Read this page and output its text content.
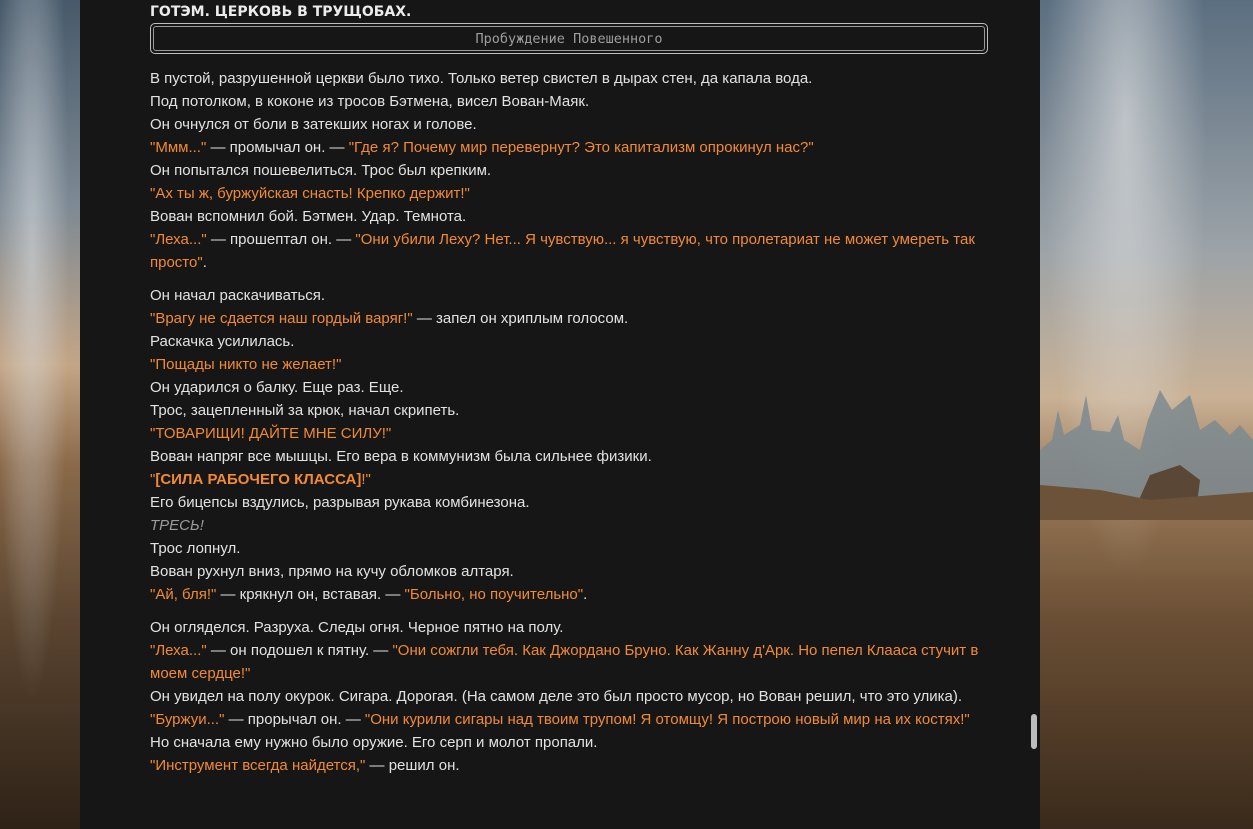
ГОТЭМ. ЦЕРКОВЬ В ТРУЩОБАХ.
Пробуждение Повешенного

В пустой, разрушенной церкви было тихо. Только ветер свистел в дырах стен, да капала вода.

Под потолком, в коконе из тросов Бэтмена, висел Вован-Маяк.

Он очнулся от боли в затекших ногах и голове.

"Ммм..." — промычал он. — "Где я? Почему мир перевернут? Это капитализм опрокинул нас?"

Он попытался пошевелиться. Трос был крепким.

"Ах ты ж, буржуйская снасть! Крепко держит!"

Вован вспомнил бой. Бэтмен. Удар. Темнота.

"Леха..." — прошептал он. — "Они убили Леху? Нет... Я чувствую... я чувствую, что пролетариат не может умереть так просто".

Он начал раскачиваться.

"Врагу не сдается наш гордый варяг!" — запел он хриплым голосом.

Раскачка усилилась.

"Пощады никто не желает!"

Он ударился о балку. Еще раз. Еще.

Трос, зацепленный за крюк, начал скрипеть.

"ТОВАРИЩИ! ДАЙТЕ МНЕ СИЛУ!"

Вован напряг все мышцы. Его вера в коммунизм была сильнее физики.

"[СИЛА РАБОЧЕГО КЛАССА]!"

Его бицепсы вздулись, разрывая рукава комбинезона.

ТРЕСЬ!

Трос лопнул.

Вован рухнул вниз, прямо на кучу обломков алтаря.

"Ай, бля!" — крякнул он, вставая. — "Больно, но поучительно".

Он огляделся. Разруха. Следы огня. Черное пятно на полу.

"Леха..." — он подошел к пятну. — "Они сожгли тебя. Как Джордано Бруно. Как Жанну д'Арк. Но пепел Клааса стучит в моем сердце!"

Он увидел на полу окурок. Сигара. Дорогая. (На самом деле это был просто мусор, но Вован решил, что это улика).

"Буржуи..." — прорычал он. — "Они курили сигары над твоим трупом! Я отомщу! Я построю новый мир на их костях!"

Но сначала ему нужно было оружие. Его серп и молот пропали.

"Инструмент всегда найдется," — решил он.
